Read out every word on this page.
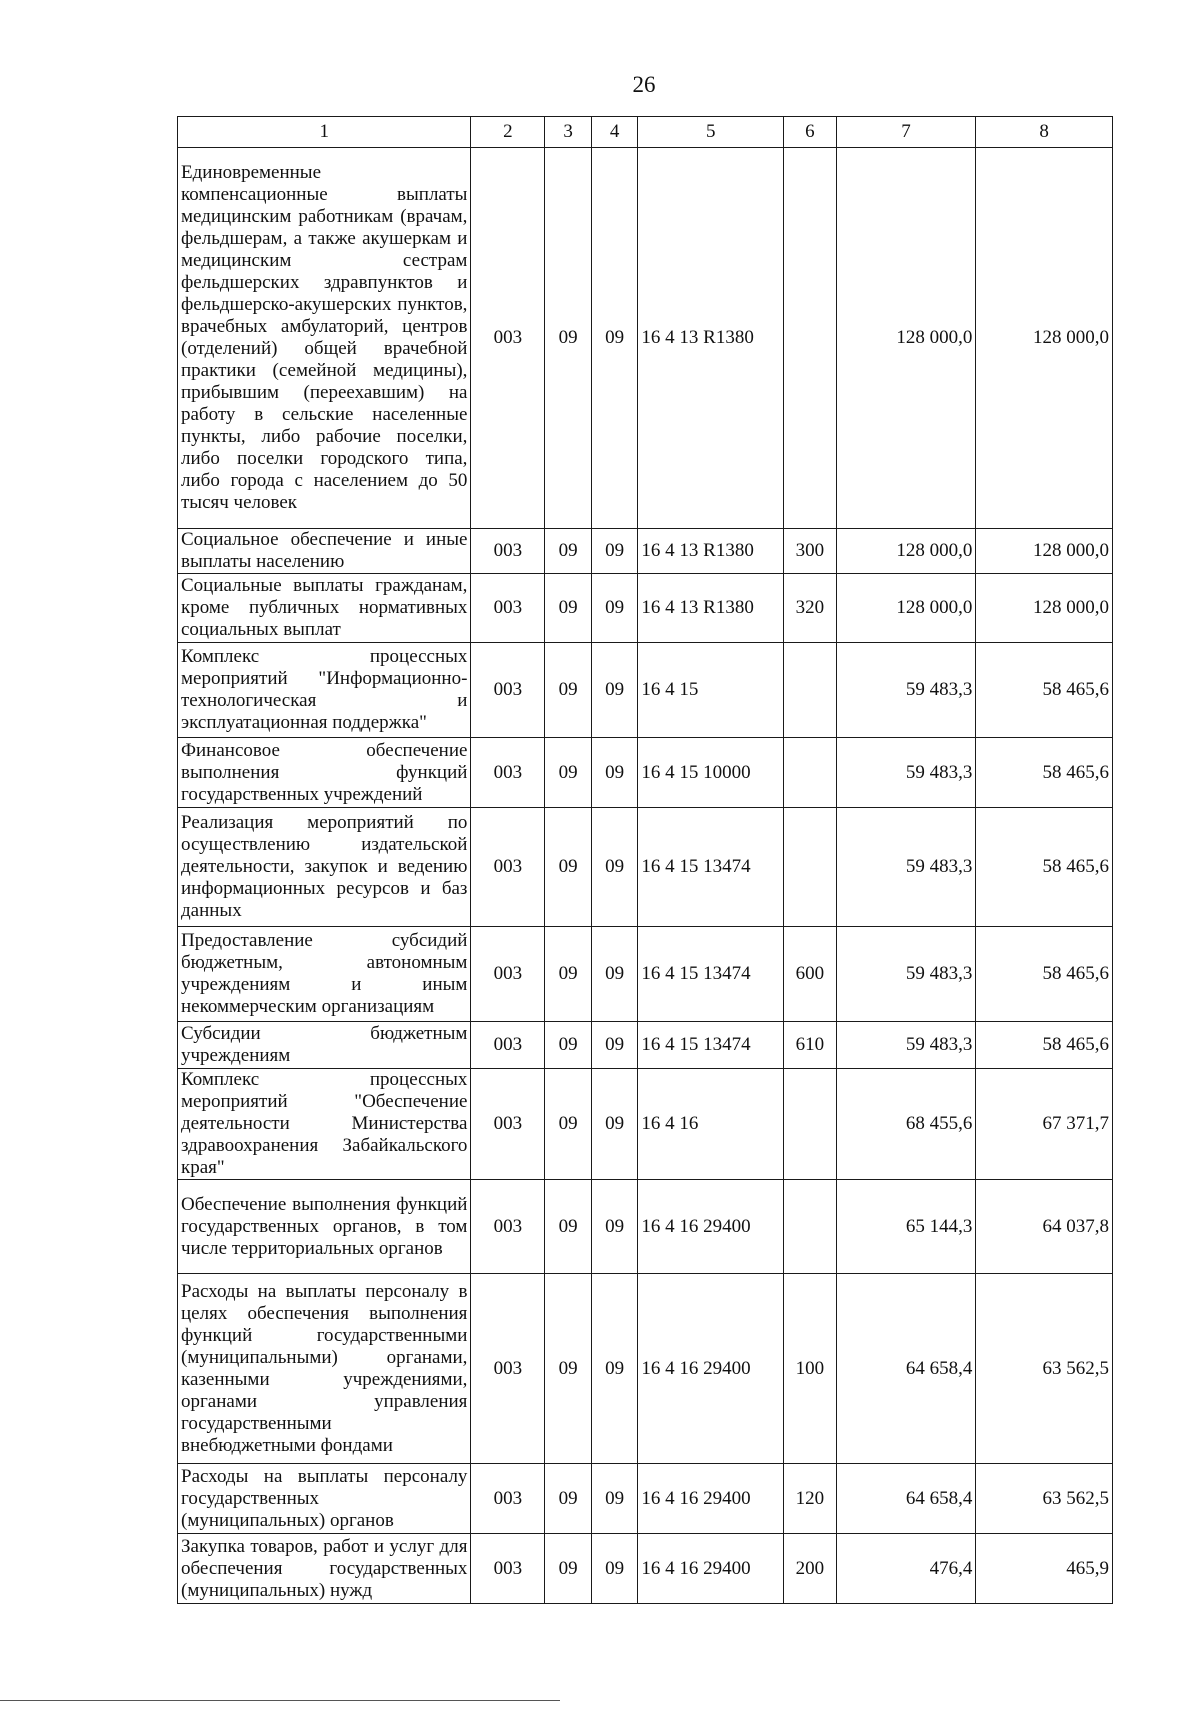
26
1	2	3	4	5	6	7	8
Единовременные компенсационные выплаты медицинским работникам (врачам, фельдшерам, а также акушеркам и медицинским сестрам фельдшерских здравпунктов и фельдшерско-акушерских пунктов, врачебных амбулаторий, центров (отделений) общей врачебной практики (семейной медицины), прибывшим (переехавшим) на работу в сельские населенные пункты, либо рабочие поселки, либо поселки городского типа, либо города с населением до 50 тысяч человек	003	09	09	16 4 13 R1380		128 000,0	128 000,0
Социальное обеспечение и иные выплаты населению	003	09	09	16 4 13 R1380	300	128 000,0	128 000,0
Социальные выплаты гражданам, кроме публичных нормативных социальных выплат	003	09	09	16 4 13 R1380	320	128 000,0	128 000,0
Комплекс процессных мероприятий "Информационно-технологическая и эксплуатационная поддержка"	003	09	09	16 4 15		59 483,3	58 465,6
Финансовое обеспечение выполнения функций государственных учреждений	003	09	09	16 4 15 10000		59 483,3	58 465,6
Реализация мероприятий по осуществлению издательской деятельности, закупок и ведению информационных ресурсов и баз данных	003	09	09	16 4 15 13474		59 483,3	58 465,6
Предоставление субсидий бюджетным, автономным учреждениям и иным некоммерческим организациям	003	09	09	16 4 15 13474	600	59 483,3	58 465,6
Субсидии бюджетным учреждениям	003	09	09	16 4 15 13474	610	59 483,3	58 465,6
Комплекс процессных мероприятий "Обеспечение деятельности Министерства здравоохранения Забайкальского края"	003	09	09	16 4 16		68 455,6	67 371,7
Обеспечение выполнения функций государственных органов, в том числе территориальных органов	003	09	09	16 4 16 29400		65 144,3	64 037,8
Расходы на выплаты персоналу в целях обеспечения выполнения функций государственными (муниципальными) органами, казенными учреждениями, органами управления государственными внебюджетными фондами	003	09	09	16 4 16 29400	100	64 658,4	63 562,5
Расходы на выплаты персоналу государственных (муниципальных) органов	003	09	09	16 4 16 29400	120	64 658,4	63 562,5
Закупка товаров, работ и услуг для обеспечения государственных (муниципальных) нужд	003	09	09	16 4 16 29400	200	476,4	465,9
